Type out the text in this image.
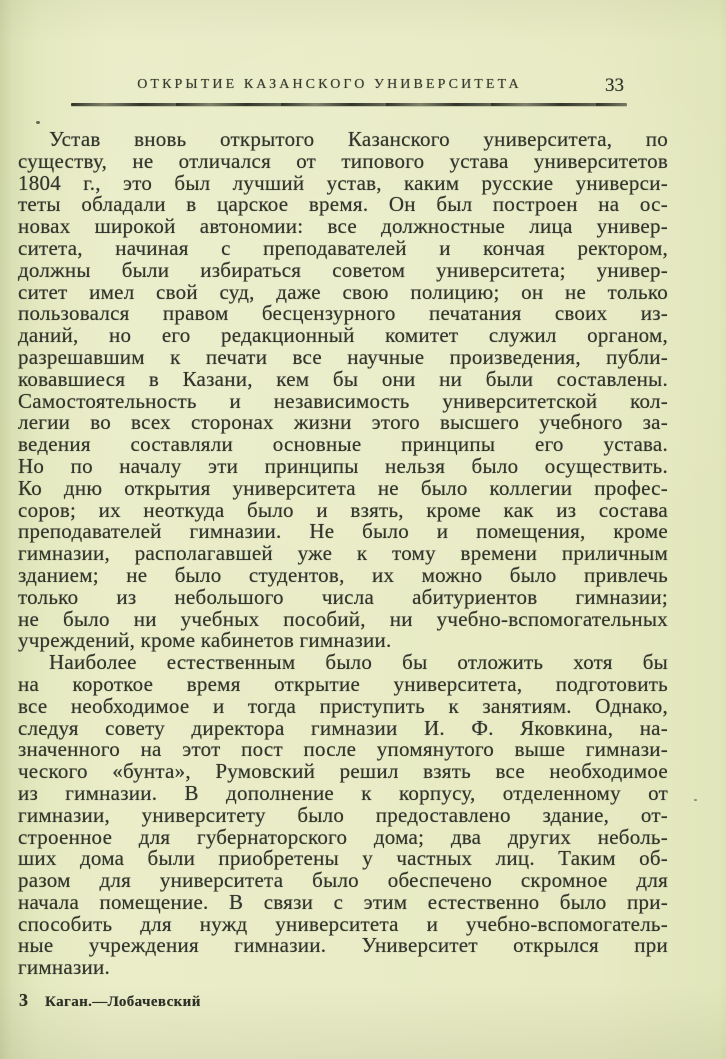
ОТКРЫТИЕ КАЗАНСКОГО УНИВЕРСИТЕТА	33
Устав вновь открытого Казанского университета, по
существу, не отличался от типового устава университетов
1804 г., это был лучший устав, каким русские универси-
теты обладали в царское время. Он был построен на ос-
новах широкой автономии: все должностные лица универ-
ситета, начиная с преподавателей и кончая ректором,
должны были избираться советом университета; универ-
ситет имел свой суд, даже свою полицию; он не только
пользовался правом бесцензурного печатания своих из-
даний, но его редакционный комитет служил органом,
разрешавшим к печати все научные произведения, публи-
ковавшиеся в Казани, кем бы они ни были составлены.
Самостоятельность и независимость университетской кол-
легии во всех сторонах жизни этого высшего учебного за-
ведения составляли основные принципы его устава.
Но по началу эти принципы нельзя было осуществить.
Ко дню открытия университета не было коллегии профес-
соров; их неоткуда было и взять, кроме как из состава
преподавателей гимназии. Не было и помещения, кроме
гимназии, располагавшей уже к тому времени приличным
зданием; не было студентов, их можно было привлечь
только из небольшого числа абитуриентов гимназии;
не было ни учебных пособий, ни учебно-вспомогательных
учреждений, кроме кабинетов гимназии.
Наиболее естественным было бы отложить хотя бы
на короткое время открытие университета, подготовить
все необходимое и тогда приступить к занятиям. Однако,
следуя совету директора гимназии И. Ф. Яковкина, на-
значенного на этот пост после упомянутого выше гимнази-
ческого «бунта», Румовский решил взять все необходимое
из гимназии. В дополнение к корпусу, отделенному от
гимназии, университету было предоставлено здание, от-
строенное для губернаторского дома; два других неболь-
ших дома были приобретены у частных лиц. Таким об-
разом для университета было обеспечено скромное для
начала помещение. В связи с этим естественно было при-
способить для нужд университета и учебно-вспомогатель-
ные учреждения гимназии. Университет открылся при
гимназии.
3 Каган.—Лобачевский
